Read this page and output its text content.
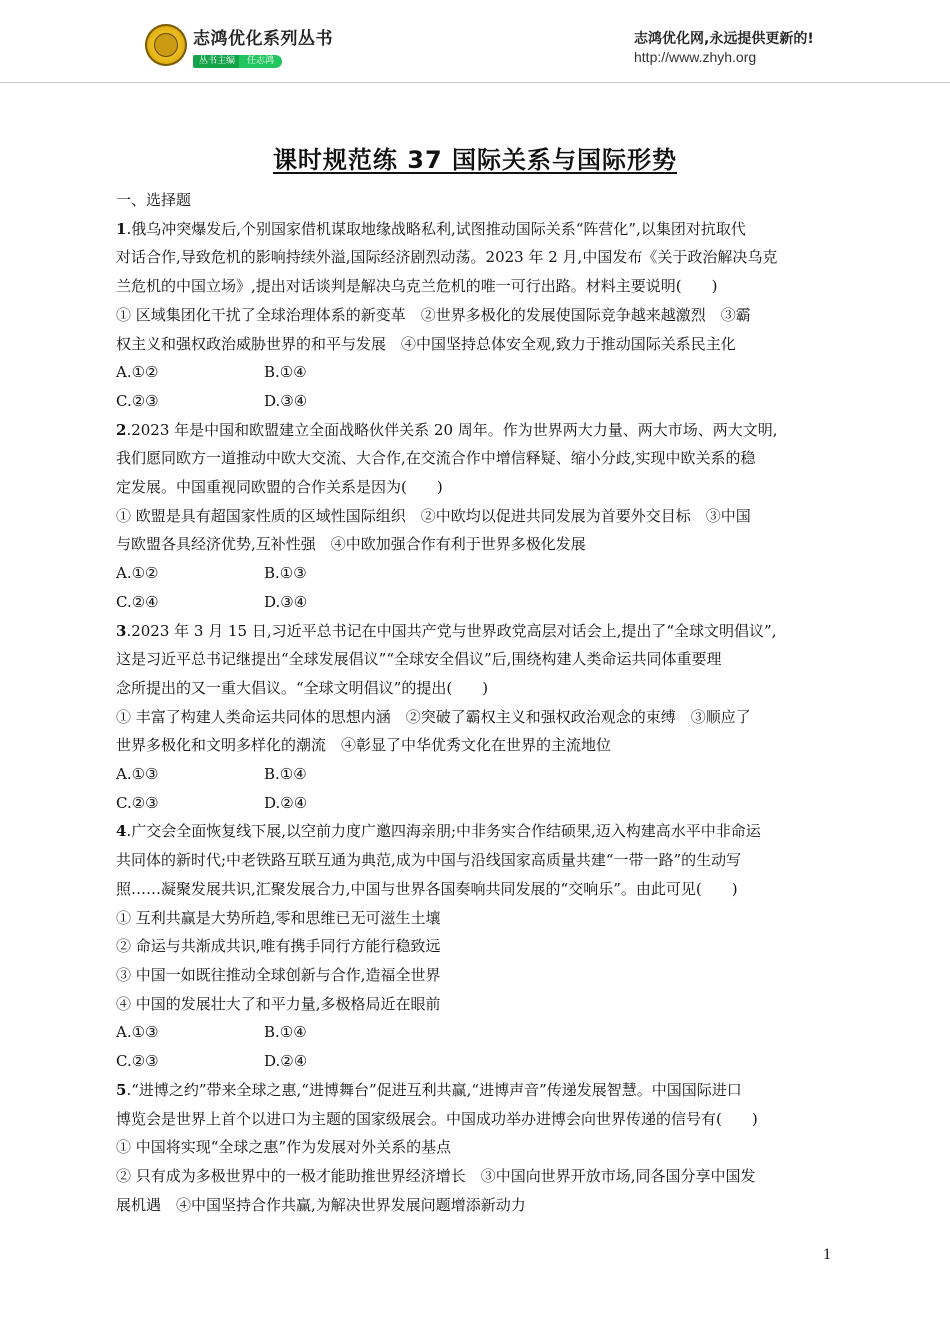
志鸿优化系列丛书
丛书主编 任志鸿
志鸿优化网,永远提供更新的!
http://www.zhyh.org
课时规范练 37 国际关系与国际形势

一、选择题

1.俄乌冲突爆发后,个别国家借机谋取地缘战略私利,试图推动国际关系“阵营化”,以集团对抗取代

对话合作,导致危机的影响持续外溢,国际经济剧烈动荡。2023 年 2 月,中国发布《关于政治解决乌克

兰危机的中国立场》,提出对话谈判是解决乌克兰危机的唯一可行出路。材料主要说明(　　)

① 区域集团化干扰了全球治理体系的新变革　②世界多极化的发展使国际竞争越来越激烈　③霸

权主义和强权政治威胁世界的和平与发展　④中国坚持总体安全观,致力于推动国际关系民主化

A.①②	B.①④

C.②③	D.③④

2.2023 年是中国和欧盟建立全面战略伙伴关系 20 周年。作为世界两大力量、两大市场、两大文明,

我们愿同欧方一道推动中欧大交流、大合作,在交流合作中增信释疑、缩小分歧,实现中欧关系的稳

定发展。中国重视同欧盟的合作关系是因为(　　)

① 欧盟是具有超国家性质的区域性国际组织　②中欧均以促进共同发展为首要外交目标　③中国

与欧盟各具经济优势,互补性强　④中欧加强合作有利于世界多极化发展

A.①②	B.①③

C.②④	D.③④

3.2023 年 3 月 15 日,习近平总书记在中国共产党与世界政党高层对话会上,提出了“全球文明倡议”,

这是习近平总书记继提出“全球发展倡议”“全球安全倡议”后,围绕构建人类命运共同体重要理

念所提出的又一重大倡议。“全球文明倡议”的提出(　　)

① 丰富了构建人类命运共同体的思想内涵　②突破了霸权主义和强权政治观念的束缚　③顺应了

世界多极化和文明多样化的潮流　④彰显了中华优秀文化在世界的主流地位

A.①③	B.①④

C.②③	D.②④

4.广交会全面恢复线下展,以空前力度广邀四海亲朋;中非务实合作结硕果,迈入构建高水平中非命运

共同体的新时代;中老铁路互联互通为典范,成为中国与沿线国家高质量共建“一带一路”的生动写

照……凝聚发展共识,汇聚发展合力,中国与世界各国奏响共同发展的“交响乐”。由此可见(　　)

① 互利共赢是大势所趋,零和思维已无可滋生土壤

② 命运与共渐成共识,唯有携手同行方能行稳致远

③ 中国一如既往推动全球创新与合作,造福全世界

④ 中国的发展壮大了和平力量,多极格局近在眼前

A.①③	B.①④

C.②③	D.②④

5.“进博之约”带来全球之惠,“进博舞台”促进互利共赢,“进博声音”传递发展智慧。中国国际进口

博览会是世界上首个以进口为主题的国家级展会。中国成功举办进博会向世界传递的信号有(　　)

① 中国将实现“全球之惠”作为发展对外关系的基点

② 只有成为多极世界中的一极才能助推世界经济增长　③中国向世界开放市场,同各国分享中国发

展机遇　④中国坚持合作共赢,为解决世界发展问题增添新动力

1
